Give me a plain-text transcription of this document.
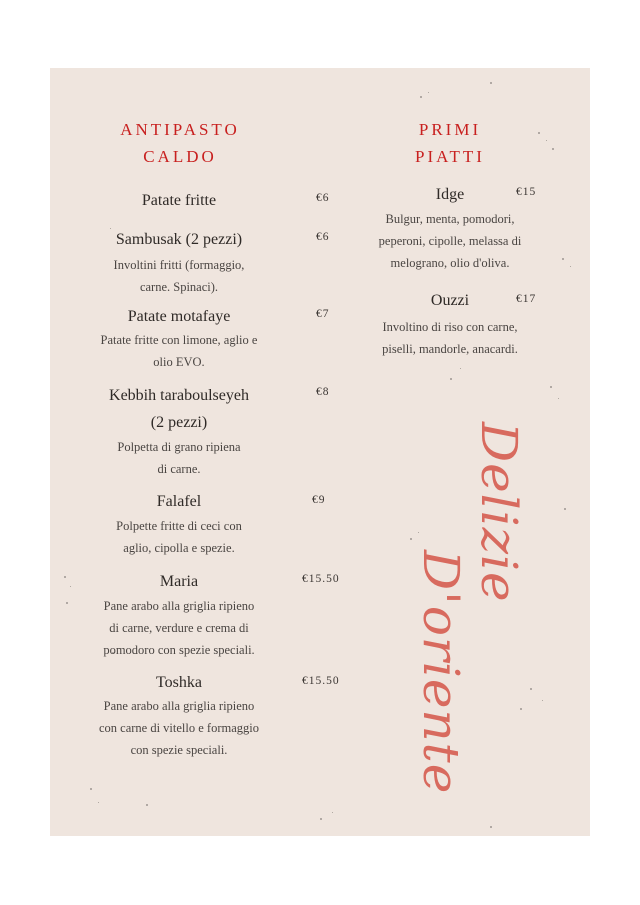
ANTIPASTO
CALDO
PRIMI
PIATTI
Patate fritte	€6
Sambusak (2 pezzi)	€6
Involtini fritti (formaggio,
carne. Spinaci).
Patate motafaye	€7
Patate fritte con limone, aglio e
olio EVO.
Kebbih taraboulseyeh
(2 pezzi)
€8
Polpetta di grano ripiena
di carne.
Falafel	€9
Polpette fritte di ceci con
aglio, cipolla e spezie.
Maria	€15.50
Pane arabo alla griglia ripieno
di carne, verdure e crema di
pomodoro con spezie speciali.
Toshka	€15.50
Pane arabo alla griglia ripieno
con carne di vitello e formaggio
con spezie speciali.
Idge	€15
Bulgur, menta, pomodori,
peperoni, cipolle, melassa di
melograno, olio d'oliva.
Ouzzi	€17
Involtino di riso con carne,
piselli, mandorle, anacardi.
Delizie
D'oriente
